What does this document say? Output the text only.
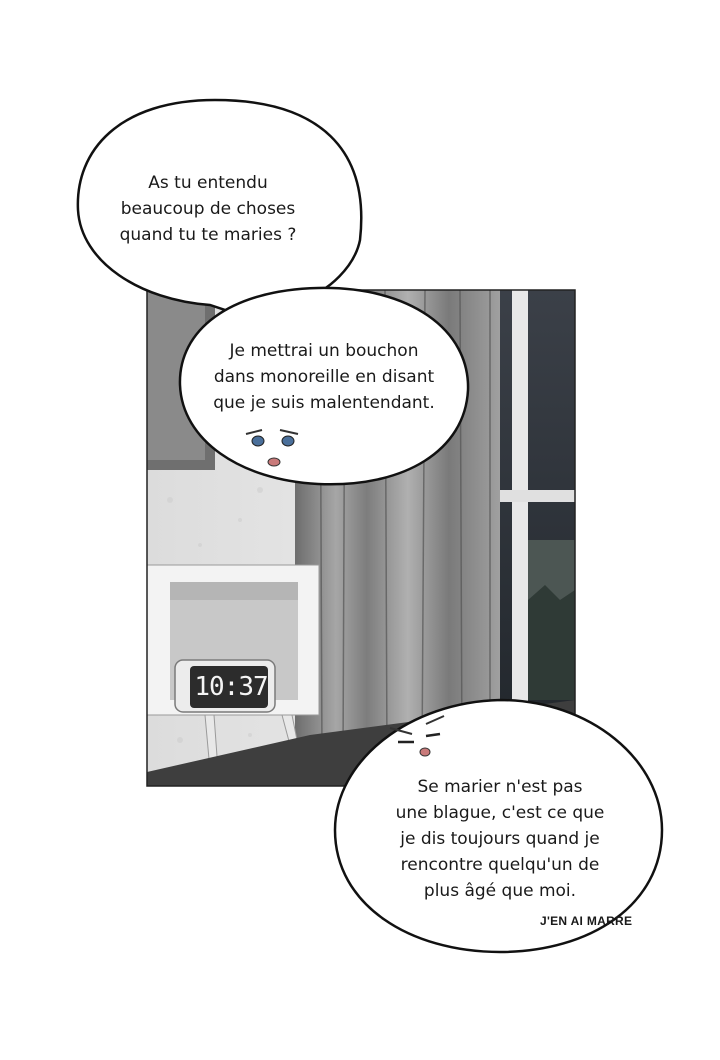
10:37
As tu entendu
beaucoup de choses
quand tu te maries ?
Je mettrai un bouchon
dans monoreille en disant
que je suis malentendant.
Se marier n'est pas
une blague, c'est ce que
je dis toujours quand je
rencontre quelqu'un de
plus âgé que moi.
J'EN AI MARRE
